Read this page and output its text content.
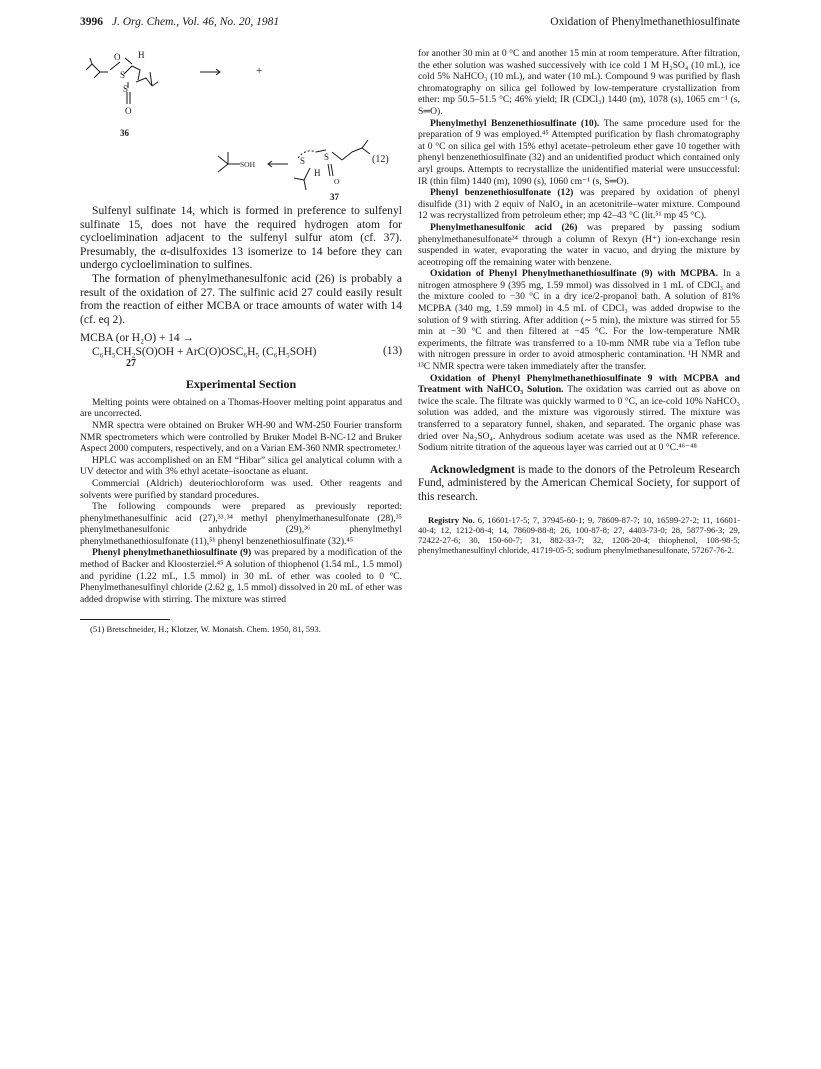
3996 J. Org. Chem., Vol. 46, No. 20, 1981	Oxidation of Phenylmethanethiosulfinate
O H
S
S
O
36
+
SOH	S S
H
O
(12)
37

Sulfenyl sulfinate 14, which is formed in preference to sulfenyl sulfinate 15, does not have the required hydrogen atom for cycloelimination adjacent to the sulfenyl sulfur atom (cf. 37). Presumably, the α-disulfoxides 13 isomerize to 14 before they can undergo cycloelimination to sulfines.

The formation of phenylmethanesulfonic acid (26) is probably a result of the oxidation of 27. The sulfinic acid 27 could easily result from the reaction of either MCBA or trace amounts of water with 14 (cf. eq 2).

MCBA (or H₂O) + 14 →
C₆H₅CH₂S(O)OH + ArC(O)OSC₆H₅ (C₆H₅SOH)	(13)
27
Experimental Section

Melting points were obtained on a Thomas-Hoover melting point apparatus and are uncorrected.

NMR spectra were obtained on Bruker WH-90 and WM-250 Fourier transform NMR spectrometers which were controlled by Bruker Model B-NC-12 and Bruker Aspect 2000 computers, respectively, and on a Varian EM-360 NMR spectrometer.¹

HPLC was accomplished on an EM “Hibar” silica gel analytical column with a UV detector and with 3% ethyl acetate–isooctane as eluant.

Commercial (Aldrich) deuteriochloroform was used. Other reagents and solvents were purified by standard procedures.

The following compounds were prepared as previously reported: phenylmethanesulfinic acid (27),³³˒³⁴ methyl phenylmethanesulfonate (28),³⁵ phenylmethanesulfonic anhydride (29),³⁶ phenylmethyl phenylmethanethiosulfonate (11),⁵¹ phenyl benzenethiosulfinate (32).⁴⁵

Phenyl phenylmethanethiosulfinate (9) was prepared by a modification of the method of Backer and Kloosterziel.⁴⁵ A solution of thiophenol (1.54 mL, 1.5 mmol) and pyridine (1.22 mL, 1.5 mmol) in 30 mL of ether was cooled to 0 °C. Phenylmethanesulfinyl chloride (2.62 g, 1.5 mmol) dissolved in 20 mL of ether was added dropwise with stirring. The mixture was stirred

(51) Bretschneider, H.; Klotzer, W. Monatsh. Chem. 1950, 81, 593.

for another 30 min at 0 °C and another 15 min at room temperature. After filtration, the ether solution was washed successively with ice cold 1 M H₂SO₄ (10 mL), ice cold 5% NaHCO₃ (10 mL), and water (10 mL). Compound 9 was purified by flash chromatography on silica gel followed by low-temperature crystallization from ether: mp 50.5–51.5 °C; 46% yield; IR (CDCl₃) 1440 (m), 1078 (s), 1065 cm⁻¹ (s, S═O).

Phenylmethyl Benzenethiosulfinate (10). The same procedure used for the preparation of 9 was employed.⁴⁵ Attempted purification by flash chromatography at 0 °C on silica gel with 15% ethyl acetate–petroleum ether gave 10 together with phenyl benzenethiosulfinate (32) and an unidentified product which contained only aryl groups. Attempts to recrystallize the unidentified material were unsuccessful: IR (thin film) 1440 (m), 1090 (s), 1060 cm⁻¹ (s, S═O).

Phenyl benzenethiosulfonate (12) was prepared by oxidation of phenyl disulfide (31) with 2 equiv of NaIO₄ in an acetonitrile–water mixture. Compound 12 was recrystallized from petroleum ether; mp 42–43 °C (lit.⁵¹ mp 45 °C).

Phenylmethanesulfonic acid (26) was prepared by passing sodium phenylmethanesulfonate³⁴ through a column of Rexyn (H⁺) ion-exchange resin suspended in water, evaporating the water in vacuo, and drying the mixture by aceotroping off the remaining water with benzene.

Oxidation of Phenyl Phenylmethanethiosulfinate (9) with MCPBA. In a nitrogen atmosphere 9 (395 mg, 1.59 mmol) was dissolved in 1 mL of CDCl₃ and the mixture cooled to −30 °C in a dry ice/2-propanol bath. A solution of 81% MCPBA (340 mg, 1.59 mmol) in 4.5 mL of CDCl₃ was added dropwise to the solution of 9 with stirring. After addition (∼5 min), the mixture was stirred for 55 min at −30 °C and then filtered at −45 °C. For the low-temperature NMR experiments, the filtrate was transferred to a 10-mm NMR tube via a Teflon tube with nitrogen pressure in order to avoid atmospheric contamination. ¹H NMR and ¹³C NMR spectra were taken immediately after the transfer.

Oxidation of Phenyl Phenylmethanethiosulfinate 9 with MCPBA and Treatment with NaHCO₃ Solution. The oxidation was carried out as above on twice the scale. The filtrate was quickly warmed to 0 °C, an ice-cold 10% NaHCO₃ solution was added, and the mixture was vigorously stirred. The mixture was transferred to a separatory funnel, shaken, and separated. The organic phase was dried over Na₂SO₄. Anhydrous sodium acetate was used as the NMR reference. Sodium nitrite titration of the aqueous layer was carried out at 0 °C.⁴⁶⁻⁴⁸

Acknowledgment is made to the donors of the Petroleum Research Fund, administered by the American Chemical Society, for support of this research.

Registry No. 6, 16601-17-5; 7, 37945-60-1; 9, 78609-87-7; 10, 16599-27-2; 11, 16601-40-4; 12, 1212-08-4; 14, 78609-88-8; 26, 100-87-8; 27, 4403-73-0; 28, 5877-96-3; 29, 72422-27-6; 30, 150-60-7; 31, 882-33-7; 32, 1208-20-4; thiophenol, 108-98-5; phenylmethanesulfinyl chloride, 41719-05-5; sodium phenylmethanesulfonate, 57267-76-2.
